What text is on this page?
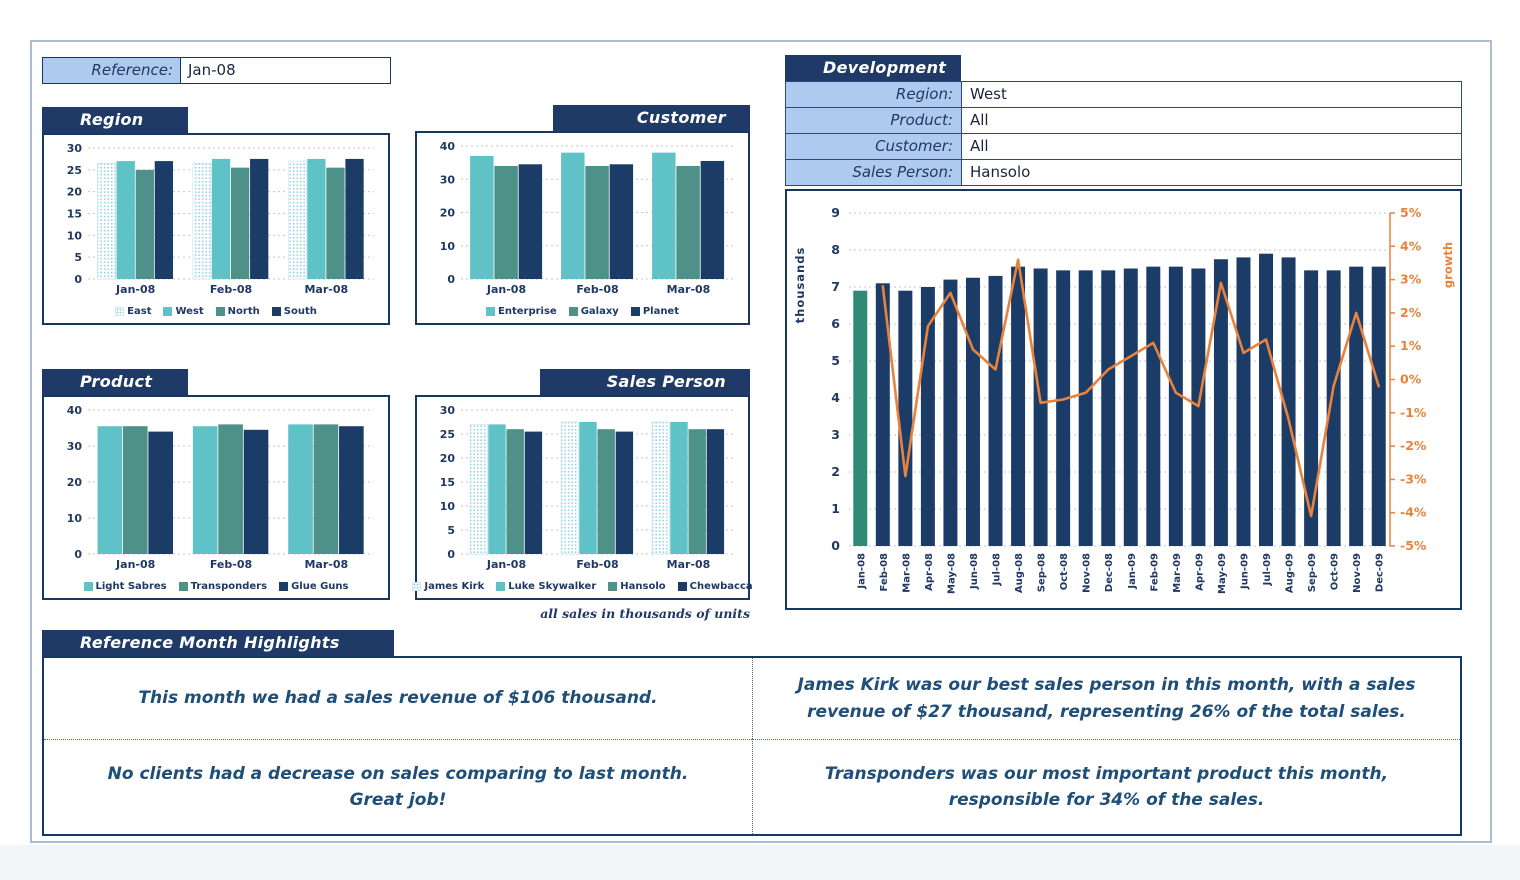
Reference:	Jan-08
Region
0
5
10
15
20
25
30
Jan-08	Feb-08	Mar-08
East West North South
Customer
0
10
20
30
40
Jan-08	Feb-08	Mar-08
Enterprise Galaxy Planet
Product
0
10
20
30
40
Jan-08	Feb-08	Mar-08
Light Sabres Transponders Glue Guns
Sales Person
0
5
10
15
20
25
30
Jan-08	Feb-08	Mar-08
James Kirk Luke Skywalker Hansolo Chewbacca
all sales in thousands of units
Development
Region:	West
Product:	All
Customer:	All
Sales Person:	Hansolo
0
1
2
3
4
5
6
7
8
9
thousands
Jan-08 Feb-08 Mar-08 Apr-08 May-08 Jun-08 Jul-08 Aug-08 Sep-08 Oct-08 Nov-08 Dec-08 Jan-09 Feb-09 Mar-09 Apr-09 May-09 Jun-09 Jul-09 Aug-09 Sep-09 Oct-09 Nov-09 Dec-09
-5%
-4%
-3%
-2%
-1%
0%
1%
2%
3%
4%
5%
growth
Reference Month Highlights
This month we had a sales revenue of $106 thousand.
James Kirk was our best sales person in this month, with a sales revenue of $27 thousand, representing 26% of the total sales.
No clients had a decrease on sales comparing to last month. Great job!
Transponders was our most important product this month, responsible for 34% of the sales.
